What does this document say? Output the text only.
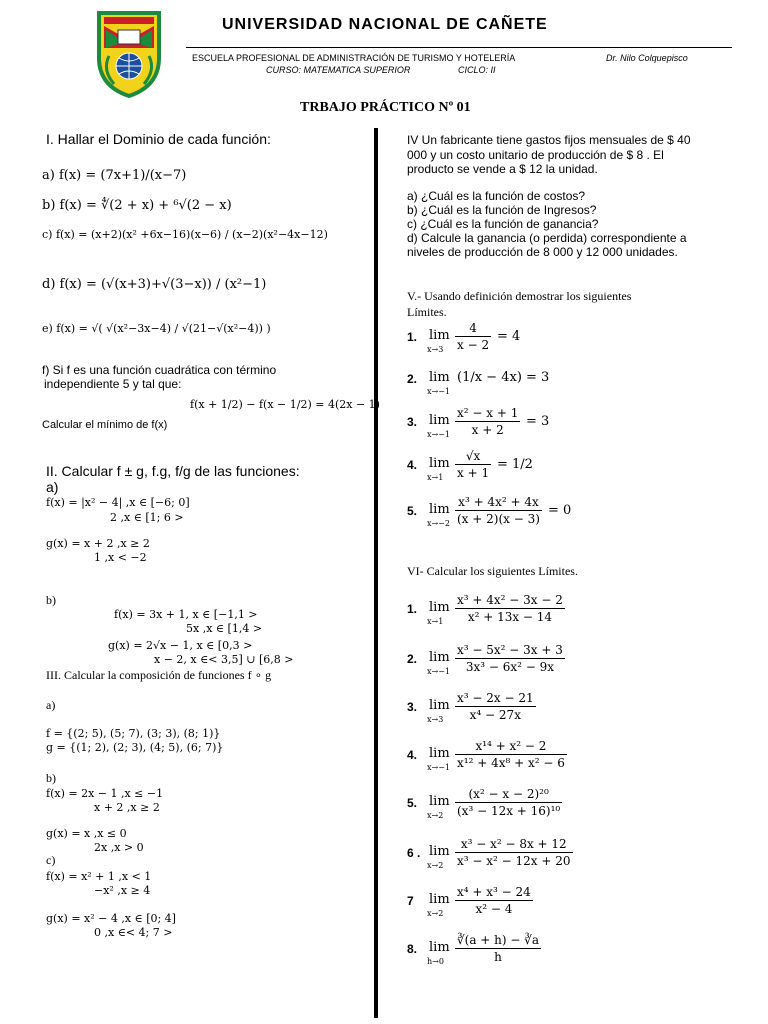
UNIVERSIDAD NACIONAL DE CAÑETE
ESCUELA PROFESIONAL DE ADMINISTRACIÓN DE TURISMO Y HOTELERÍA	Dr. Nilo Colquepisco
CURSO: MATEMATICA SUPERIOR	CICLO: II
TRBAJO PRÁCTICO Nº 01
I. Hallar el Dominio de cada función:
a) f(x) = (7x+1)/(x−7)
b) f(x) = ∜(2 + x) + ⁶√(2 − x)
c) f(x) = (x+2)(x² +6x−16)(x−6) / (x−2)(x²−4x−12)
d) f(x) = (√(x+3)+√(3−x)) / (x²−1)
e) f(x) = √( √(x²−3x−4) / √(21−√(x²−4)) )
f) Si f es una función cuadrática con término
independiente 5 y tal que:
f(x + 1/2) − f(x − 1/2) = 4(2x − 1)
Calcular el mínimo de f(x)
II. Calcular f ± g, f.g, f/g de las funciones:
a)
f(x) = |x² − 4| ,x ∈ [−6; 0]
2 ,x ∈ [1; 6 >
g(x) = x + 2 ,x ≥ 2
1 ,x < −2
b)
f(x) = 3x + 1, x ∈ [−1,1 >
5x ,x ∈ [1,4 >
g(x) = 2√x − 1, x ∈ [0,3 >
x − 2, x ∈< 3,5] ∪ [6,8 >
III. Calcular la composición de funciones f ∘ g
a)
f = {(2; 5), (5; 7), (3; 3), (8; 1)}
g = {(1; 2), (2; 3), (4; 5), (6; 7)}
b)
f(x) = 2x − 1 ,x ≤ −1
x + 2 ,x ≥ 2
g(x) = x ,x ≤ 0
2x ,x > 0
c)
f(x) = x² + 1 ,x < 1
−x² ,x ≥ 4
g(x) = x² − 4 ,x ∈ [0; 4]
0 ,x ∈< 4; 7 >
IV Un fabricante tiene gastos fijos mensuales de $ 40
000 y un costo unitario de producción de $ 8 . El
producto se vende a $ 12 la unidad.
a) ¿Cuál es la función de costos?
b) ¿Cuál es la función de Ingresos?
c) ¿Cuál es la función de ganancia?
d) Calcule la ganancia (o perdida) correspondiente a
niveles de producción de 8 000 y 12 000 unidades.
V.- Usando definición demostrar los siguientes
Límites.
1. lim
$x\to 3 \frac{4}{x - 2} = 4$
2. lim
x→−1
(1/x − 4x) = 3
3. lim
$x\to-1 \frac{\text{x² − x + 1}}{x + 2} = 3$
4. lim
$x\to 1 \frac{√x}{x + 1} = 1/2$
5. lim
$x\to-2 \frac{\text{x³ + 4x² + 4x}}{(x + 2)(x - 3)} = 0$
VI- Calcular los siguientes Límites.
1. lim
$x\to 1 \frac{\text{x³ + 4x² − 3x − 2}}{\text{x² + 13x − 14}}$
2. lim
$x\to-1 \frac{\text{x³ − 5x² − 3x + 3}}{\text{3x³ − 6x² − 9x}}$
3. lim
$x\to 3 \frac{\text{x³ − 2x − 21}}{\text{x⁴ − 27x}}$
4. lim
$x\to-1 \frac{\text{x¹⁴ + x² − 2}}{\text{x¹² + 4x⁸ + x² − 6}}$
5. lim
$x\to 2 \frac{\text{(x² − x − 2)²⁰}}{\text{(x³ − 12x + 16)¹⁰}}$
6 . lim
$x\to 2 \frac{\text{x³ − x² − 8x + 12}}{\text{x³ − x² − 12x + 20}}$
7 lim
$x\to 2 \frac{\text{x⁴ + x³ − 24}}{\text{x² − 4}}$
8. lim
$h\to 0 \frac{∛(a + h) - ∛a}{h}$
